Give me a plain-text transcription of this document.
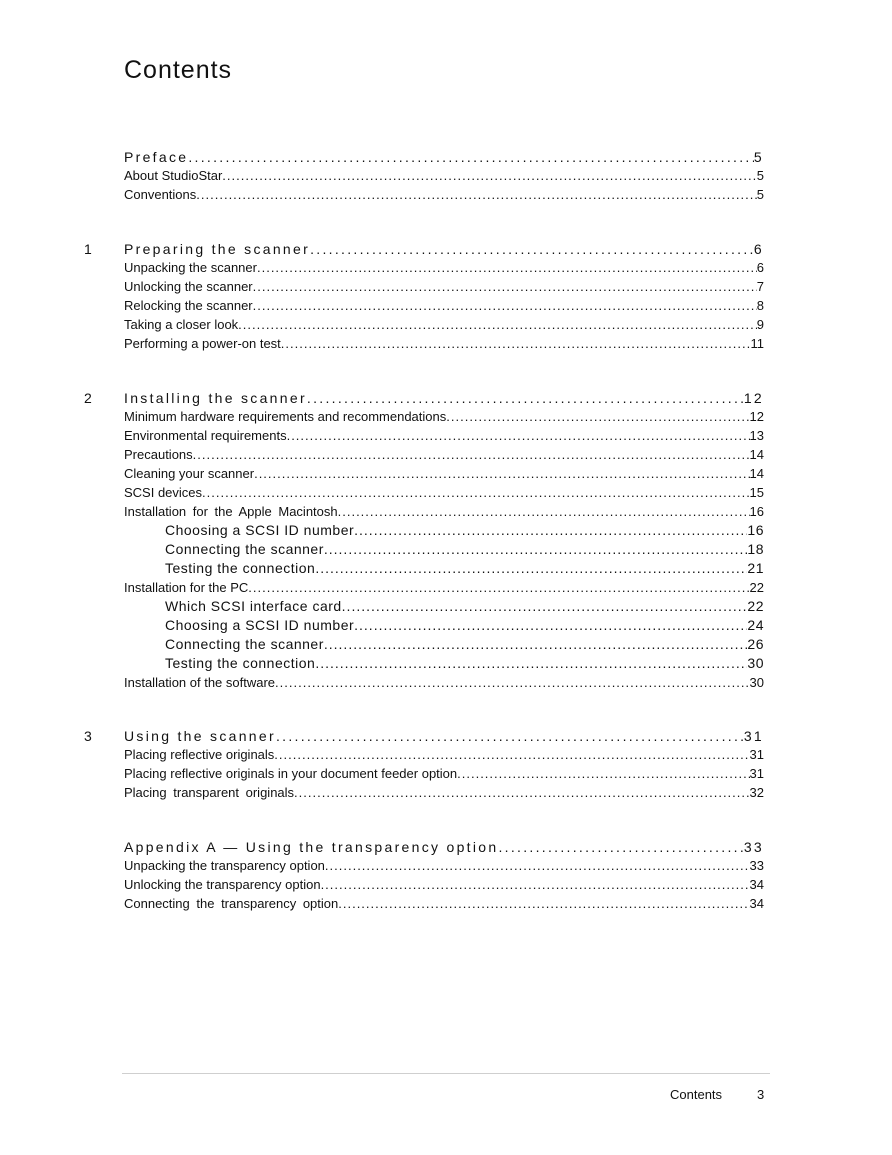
Contents
Preface .....	5
About StudioStar .....	5
Conventions .....	5
1 Preparing the scanner .....	6
Unpacking the scanner .....	6
Unlocking the scanner .....	7
Relocking the scanner .....	8
Taking a closer look .....	9
Performing a power-on test .....	11
2 Installing the scanner .....	12
Minimum hardware requirements and recommendations .....	12
Environmental requirements .....	13
Precautions .....	14
Cleaning your scanner .....	14
SCSI devices .....	15
Installation for the Apple Macintosh .....	16
Choosing a SCSI ID number .....	16
Connecting the scanner .....	18
Testing the connection .....	21
Installation for the PC .....	22
Which SCSI interface card .....	22
Choosing a SCSI ID number .....	24
Connecting the scanner .....	26
Testing the connection .....	30
Installation of the software .....	30
3 Using the scanner .....	31
Placing reflective originals .....	31
Placing reflective originals in your document feeder option .....	31
Placing transparent originals .....	32
Appendix A — Using the transparency option .....	33
Unpacking the transparency option .....	33
Unlocking the transparency option .....	34
Connecting the transparency option .....	34
Contents	3
